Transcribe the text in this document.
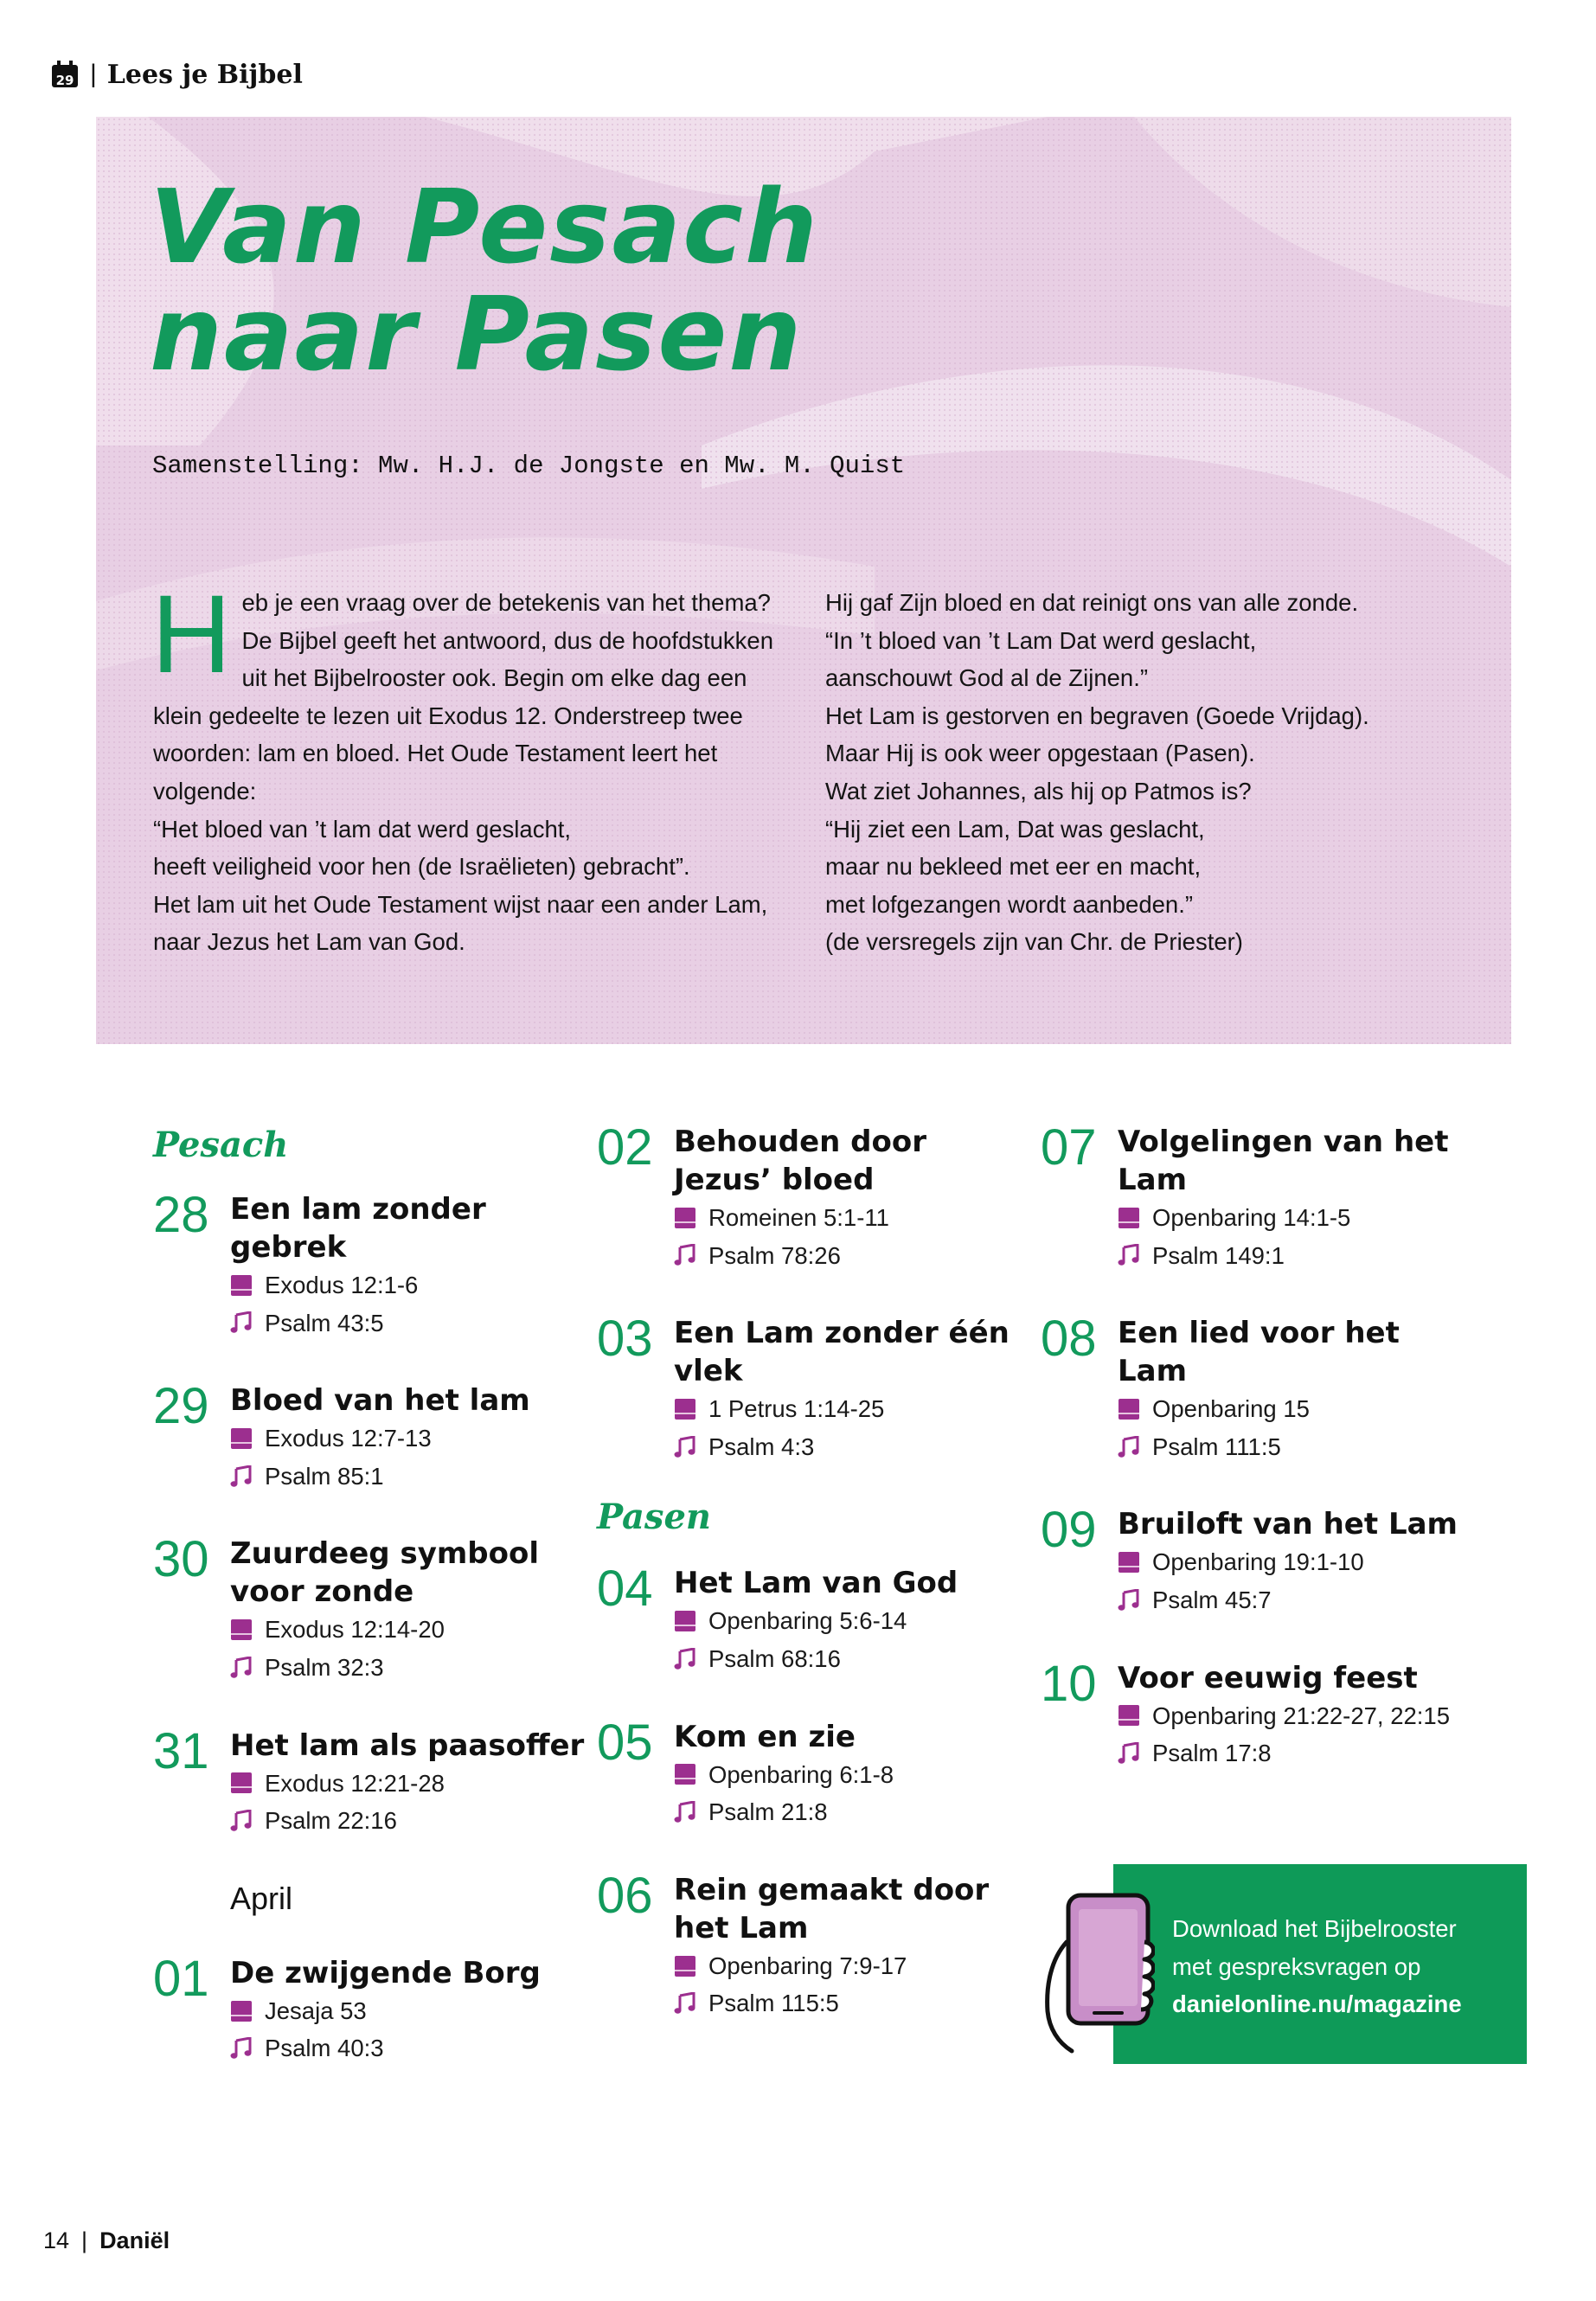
29 | Lees je Bijbel
Van Pesach
naar Pasen
Samenstelling: Mw. H.J. de Jongste en Mw. M. Quist

Heb je een vraag over de betekenis van het thema? De Bijbel geeft het antwoord, dus de hoofdstukken uit het Bijbelrooster ook. Begin om elke dag een klein gedeelte te lezen uit Exodus 12. Onderstreep twee woorden: lam en bloed. Het Oude Testament leert het volgende:

“Het bloed van ’t lam dat werd geslacht,

heeft veiligheid voor hen (de Israëlieten) gebracht”.

Het lam uit het Oude Testament wijst naar een ander Lam, naar Jezus het Lam van God.

Hij gaf Zijn bloed en dat reinigt ons van alle zonde.

“In ’t bloed van ’t Lam Dat werd geslacht,

aanschouwt God al de Zijnen.”

Het Lam is gestorven en begraven (Goede Vrijdag).

Maar Hij is ook weer opgestaan (Pasen).

Wat ziet Johannes, als hij op Patmos is?

“Hij ziet een Lam, Dat was geslacht,

maar nu bekleed met eer en macht,

met lofgezangen wordt aanbeden.”

(de versregels zijn van Chr. de Priester)

Pesach
28 Een lam zonder gebrek
Exodus 12:1-6
Psalm 43:5
29 Bloed van het lam
Exodus 12:7-13
Psalm 85:1
30 Zuurdeeg symbool voor zonde
Exodus 12:14-20
Psalm 32:3
31 Het lam als paasoffer
Exodus 12:21-28
Psalm 22:16
April
01 De zwijgende Borg
Jesaja 53
Psalm 40:3
02 Behouden door Jezus’ bloed
Romeinen 5:1-11
Psalm 78:26
03 Een Lam zonder één vlek
1 Petrus 1:14-25
Psalm 4:3
Pasen
04 Het Lam van God
Openbaring 5:6-14
Psalm 68:16
05 Kom en zie
Openbaring 6:1-8
Psalm 21:8
06 Rein gemaakt door het Lam
Openbaring 7:9-17
Psalm 115:5
07 Volgelingen van het Lam
Openbaring 14:1-5
Psalm 149:1
08 Een lied voor het Lam
Openbaring 15
Psalm 111:5
09 Bruiloft van het Lam
Openbaring 19:1-10
Psalm 45:7
10 Voor eeuwig feest
Openbaring 21:22-27, 22:15
Psalm 17:8
Download het Bijbelrooster
met gespreksvragen op
danielonline.nu/magazine
14 | Daniël
